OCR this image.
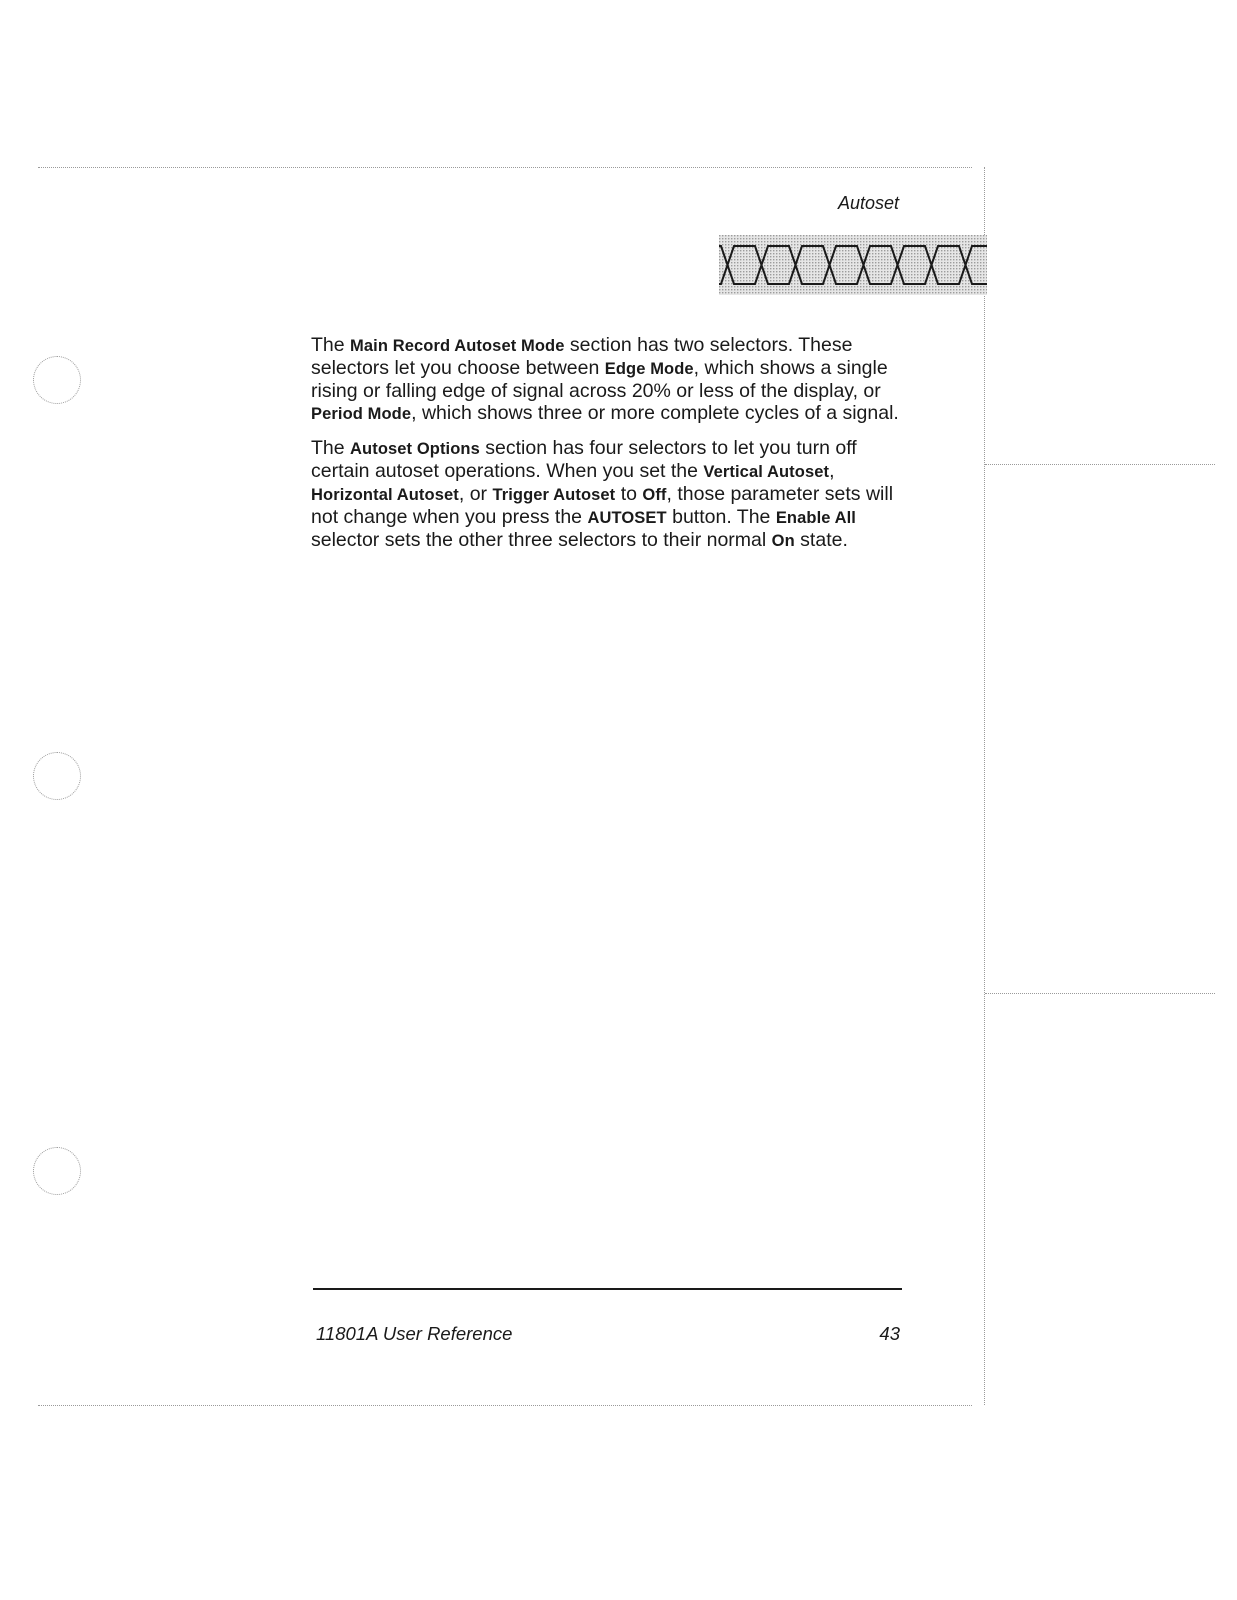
Autoset

The Main Record Autoset Mode section has two selectors. These selectors let you choose between Edge Mode, which shows a single rising or falling edge of signal across 20% or less of the display, or Period Mode, which shows three or more complete cycles of a signal.

The Autoset Options section has four selectors to let you turn off certain autoset operations. When you set the Vertical Autoset, Horizontal Autoset, or Trigger Autoset to Off, those parameter sets will not change when you press the AUTOSET button. The Enable All selector sets the other three selectors to their normal On state.

11801A User Reference	43
